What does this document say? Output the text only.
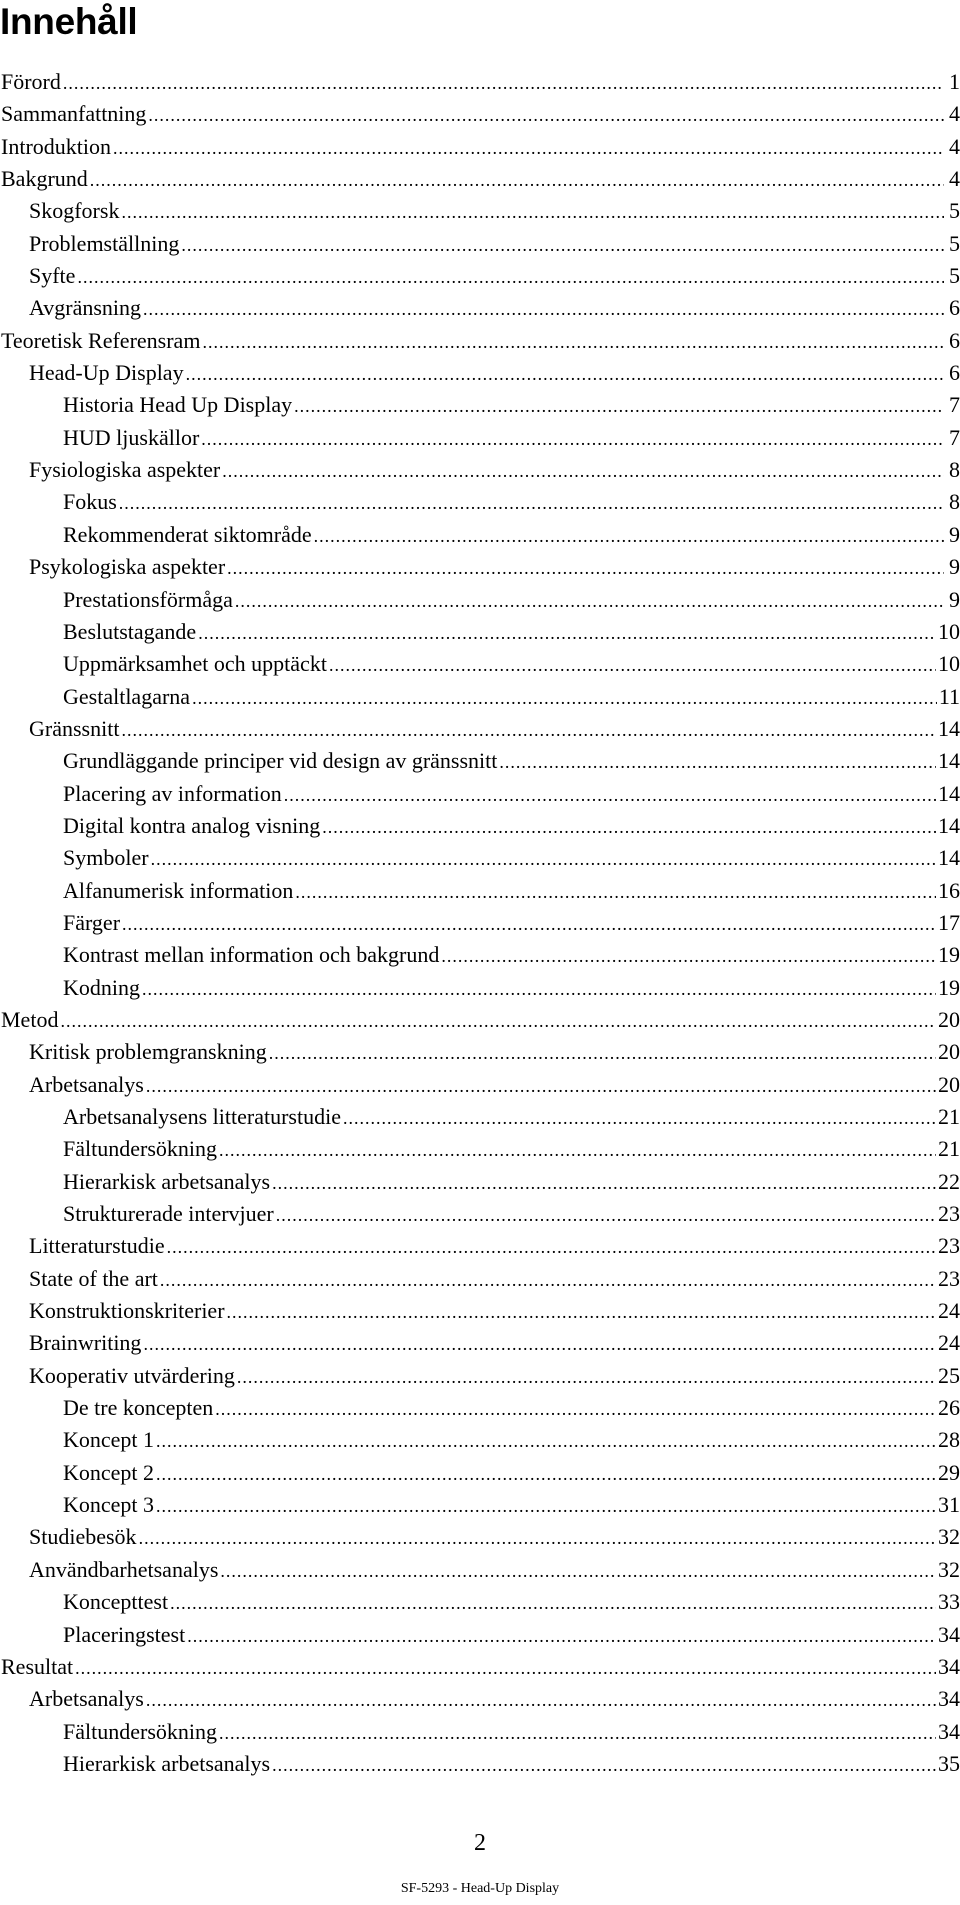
Innehåll
Förord .....	1
Sammanfattning .....	4
Introduktion .....	4
Bakgrund .....	4
Skogforsk .....	5
Problemställning .....	5
Syfte .....	5
Avgränsning .....	6
Teoretisk Referensram .....	6
Head-Up Display .....	6
Historia Head Up Display .....	7
HUD ljuskällor .....	7
Fysiologiska aspekter .....	8
Fokus .....	8
Rekommenderat siktområde .....	9
Psykologiska aspekter .....	9
Prestationsförmåga .....	9
Beslutstagande .....	10
Uppmärksamhet och upptäckt .....	10
Gestaltlagarna .....	11
Gränssnitt .....	14
Grundläggande principer vid design av gränssnitt .....	14
Placering av information .....	14
Digital kontra analog visning .....	14
Symboler .....	14
Alfanumerisk information .....	16
Färger .....	17
Kontrast mellan information och bakgrund .....	19
Kodning .....	19
Metod .....	20
Kritisk problemgranskning .....	20
Arbetsanalys .....	20
Arbetsanalysens litteraturstudie .....	21
Fältundersökning .....	21
Hierarkisk arbetsanalys .....	22
Strukturerade intervjuer .....	23
Litteraturstudie .....	23
State of the art .....	23
Konstruktionskriterier .....	24
Brainwriting .....	24
Kooperativ utvärdering .....	25
De tre koncepten .....	26
Koncept 1 .....	28
Koncept 2 .....	29
Koncept 3 .....	31
Studiebesök .....	32
Användbarhetsanalys .....	32
Koncepttest .....	33
Placeringstest .....	34
Resultat .....	34
Arbetsanalys .....	34
Fältundersökning .....	34
Hierarkisk arbetsanalys .....	35
2
SF-5293 - Head-Up Display
